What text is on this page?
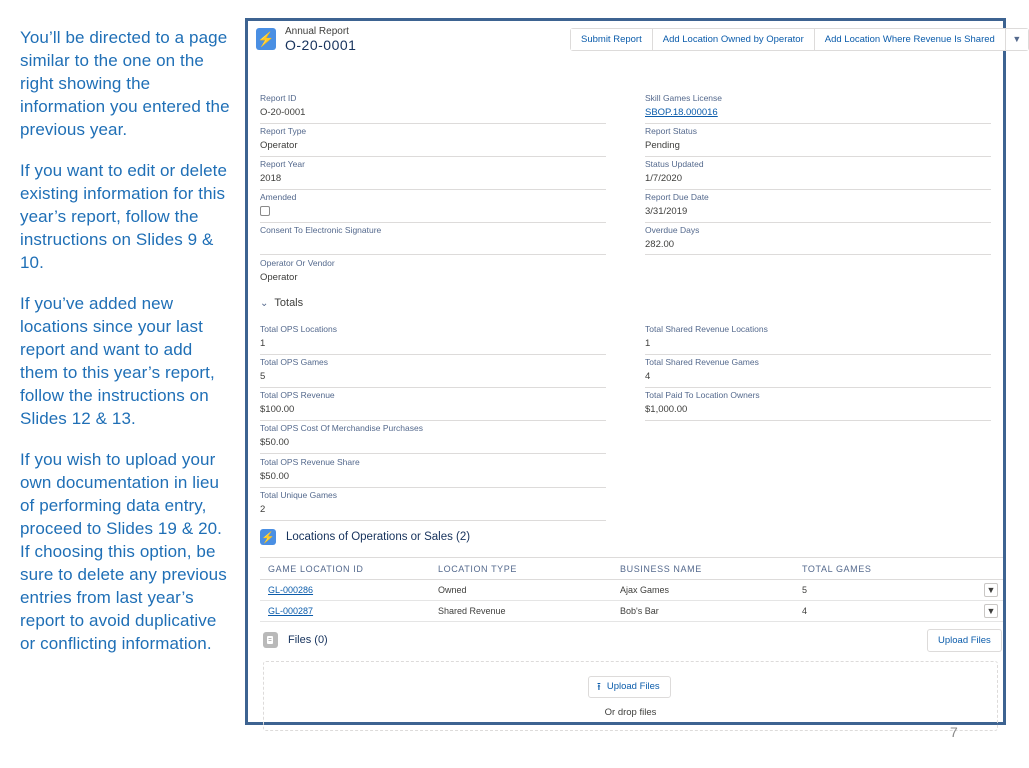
You’ll be directed to a page similar to the one on the right showing the information you entered the previous year.

If you want to edit or delete existing information for this year’s report, follow the instructions on Slides 9 & 10.

If you’ve added new locations since your last report and want to add them to this year’s report, follow the instructions on Slides 12 & 13.

If you wish to upload your own documentation in lieu of performing data entry, proceed to Slides 19 & 20. If choosing this option, be sure to delete any previous entries from last year’s report to avoid duplicative or conflicting information.

⚡ Annual Report
O-20-0001	Submit Report	Add Location Owned by Operator	Add Location Where Revenue Is Shared	▼
Report ID
O-20-0001
Report Type
Operator
Report Year
2018
Amended
Consent To Electronic Signature
Operator Or Vendor
Operator
Skill Games License
SBOP.18.000016
Report Status
Pending
Status Updated
1/7/2020
Report Due Date
3/31/2019
Overdue Days
282.00
⌄ Totals
Total OPS Locations
1
Total OPS Games
5
Total OPS Revenue
$100.00
Total OPS Cost Of Merchandise Purchases
$50.00
Total OPS Revenue Share
$50.00
Total Unique Games
2
Total Shared Revenue Locations
1
Total Shared Revenue Games
4
Total Paid To Location Owners
$1,000.00
⚡ Locations of Operations or Sales (2)
GAME LOCATION ID	LOCATION TYPE	BUSINESS NAME	TOTAL GAMES
GL-000286	Owned	Ajax Games	5	▼
GL-000287	Shared Revenue	Bob's Bar	4	▼
Files (0)	Upload Files
⭱ Upload Files
Or drop files
7
